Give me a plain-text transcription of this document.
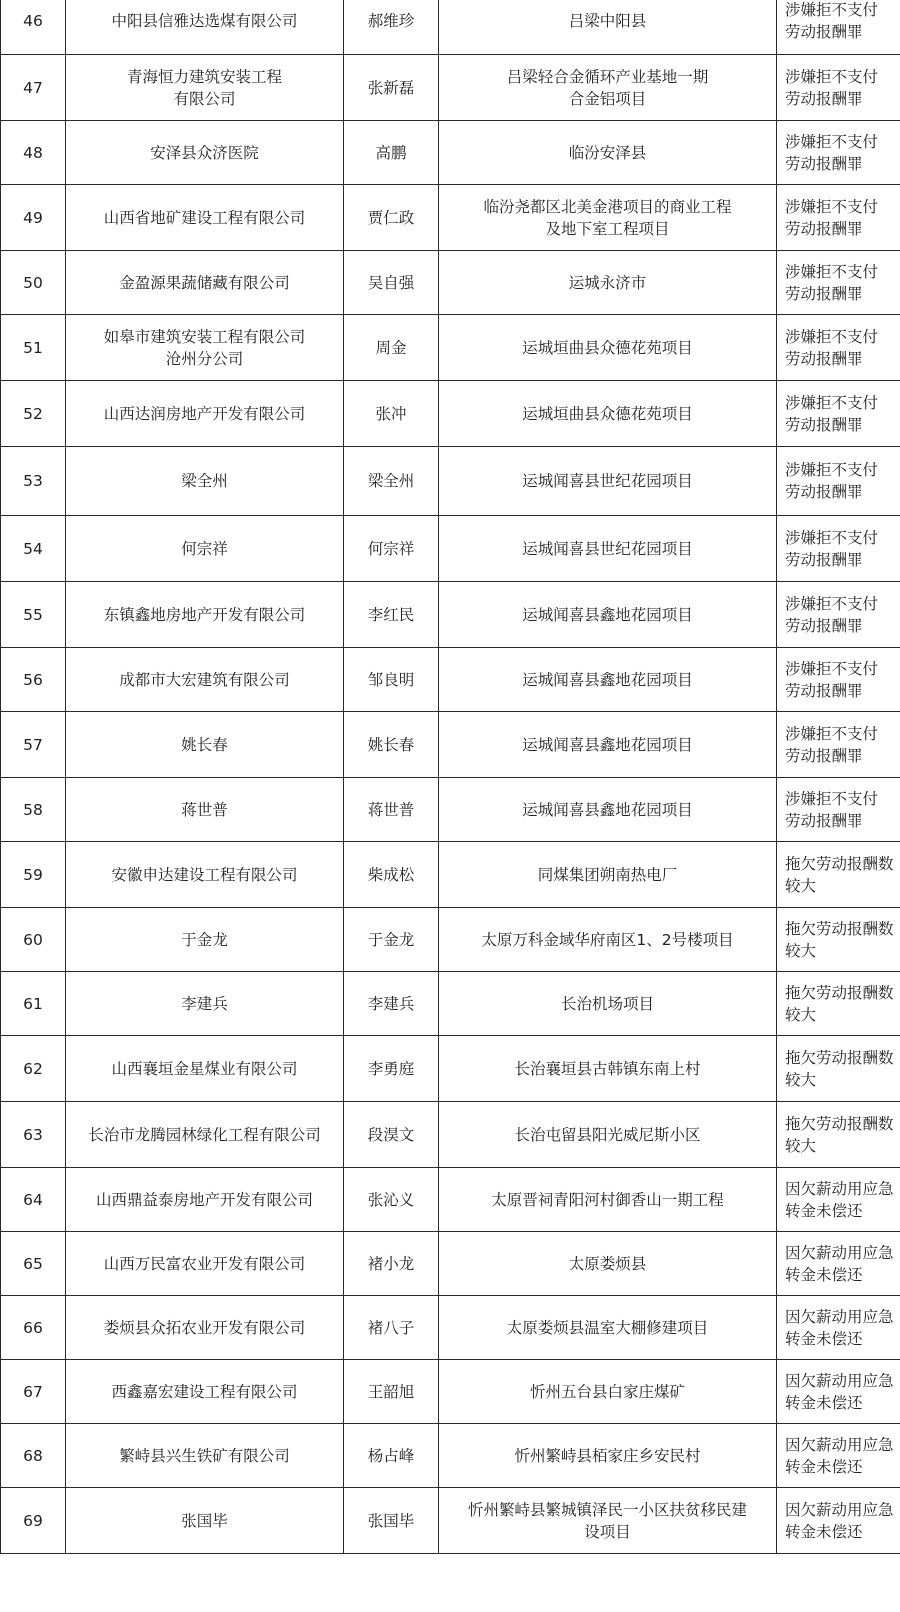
46	中阳县信雅达选煤有限公司	郝维珍	吕梁中阳县	涉嫌拒不支付
劳动报酬罪

47	青海恒力建筑安装工程
有限公司	张新磊	吕梁轻合金循环产业基地一期
合金铝项目	涉嫌拒不支付
劳动报酬罪

48	安泽县众济医院	高鹏	临汾安泽县	涉嫌拒不支付
劳动报酬罪

49	山西省地矿建设工程有限公司	贾仁政	临汾尧都区北美金港项目的商业工程
及地下室工程项目	涉嫌拒不支付
劳动报酬罪

50	金盈源果蔬储藏有限公司	吴自强	运城永济市	涉嫌拒不支付
劳动报酬罪

51	如皋市建筑安装工程有限公司
沧州分公司	周金	运城垣曲县众德花苑项目	涉嫌拒不支付
劳动报酬罪

52	山西达润房地产开发有限公司	张冲	运城垣曲县众德花苑项目	涉嫌拒不支付
劳动报酬罪

53	梁全州	梁全州	运城闻喜县世纪花园项目	涉嫌拒不支付
劳动报酬罪

54	何宗祥	何宗祥	运城闻喜县世纪花园项目	涉嫌拒不支付
劳动报酬罪

55	东镇鑫地房地产开发有限公司	李红民	运城闻喜县鑫地花园项目	涉嫌拒不支付
劳动报酬罪

56	成都市大宏建筑有限公司	邹良明	运城闻喜县鑫地花园项目	涉嫌拒不支付
劳动报酬罪

57	姚长春	姚长春	运城闻喜县鑫地花园项目	涉嫌拒不支付
劳动报酬罪

58	蒋世普	蒋世普	运城闻喜县鑫地花园项目	涉嫌拒不支付
劳动报酬罪

59	安徽申达建设工程有限公司	柴成松	同煤集团朔南热电厂	拖欠劳动报酬数
较大

60	于金龙	于金龙	太原万科金域华府南区1、2号楼项目	拖欠劳动报酬数
较大

61	李建兵	李建兵	长治机场项目	拖欠劳动报酬数
较大

62	山西襄垣金星煤业有限公司	李勇庭	长治襄垣县古韩镇东南上村	拖欠劳动报酬数
较大

63	长治市龙腾园林绿化工程有限公司	段淏文	长治屯留县阳光威尼斯小区	拖欠劳动报酬数
较大

64	山西鼎益泰房地产开发有限公司	张沁义	太原晋祠青阳河村御香山一期工程	因欠薪动用应急
转金未偿还

65	山西万民富农业开发有限公司	褚小龙	太原娄烦县	因欠薪动用应急
转金未偿还

66	娄烦县众拓农业开发有限公司	褚八子	太原娄烦县温室大棚修建项目	因欠薪动用应急
转金未偿还

67	西鑫嘉宏建设工程有限公司	王韶旭	忻州五台县白家庄煤矿	因欠薪动用应急
转金未偿还

68	繁峙县兴生铁矿有限公司	杨占峰	忻州繁峙县栢家庄乡安民村	因欠薪动用应急
转金未偿还

69	张国毕	张国毕	忻州繁峙县繁城镇泽民一小区扶贫移民建
设项目	因欠薪动用应急
转金未偿还
